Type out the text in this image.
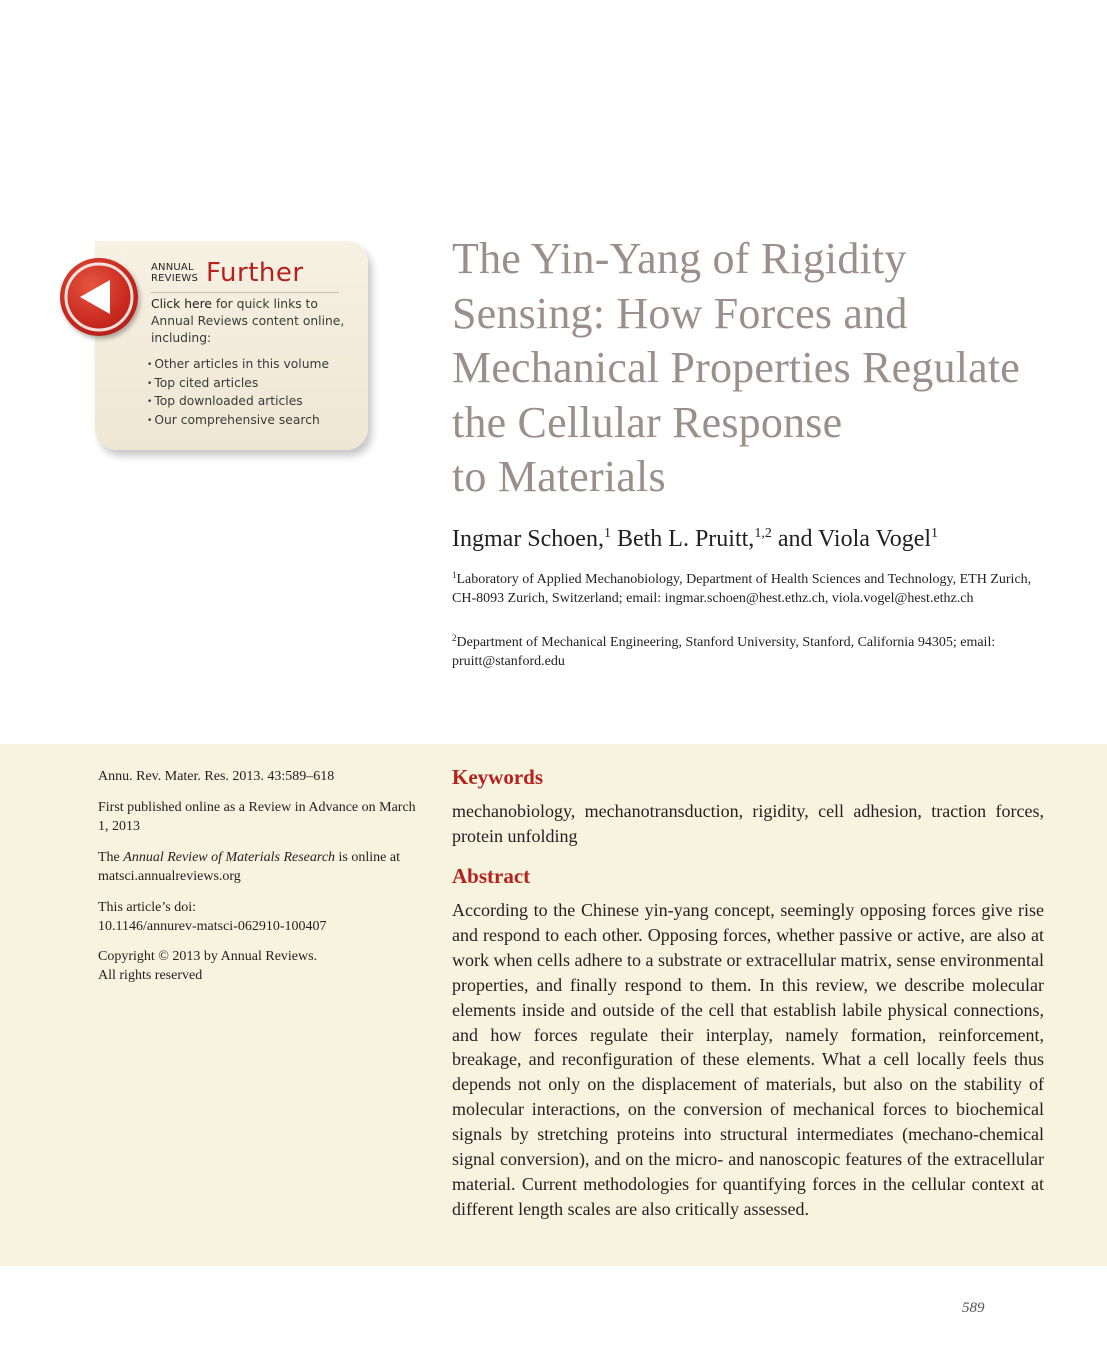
ANNUAL
REVIEWS Further
Click here for quick links to Annual Reviews content online, including:
• Other articles in this volume
• Top cited articles
• Top downloaded articles
• Our comprehensive search
The Yin-Yang of Rigidity
Sensing: How Forces and
Mechanical Properties Regulate
the Cellular Response
to Materials
Ingmar Schoen,$^1$ Beth L. Pruitt,$^{1,2}$ and Viola Vogel$^1$
$^1$Laboratory of Applied Mechanobiology, Department of Health Sciences and Technology, ETH Zurich, CH-8093 Zurich, Switzerland; email: ingmar.schoen@hest.ethz.ch, viola.vogel@hest.ethz.ch
$^2$Department of Mechanical Engineering, Stanford University, Stanford, California 94305; email: pruitt@stanford.edu
Annu. Rev. Mater. Res. 2013. 43:589–618
First published online as a Review in Advance on March 1, 2013
The Annual Review of Materials Research is online at matsci.annualreviews.org
This article’s doi:
10.1146/annurev-matsci-062910-100407
Copyright © 2013 by Annual Reviews.
All rights reserved
Keywords

mechanobiology, mechanotransduction, rigidity, cell adhesion, traction forces, protein unfolding

Abstract

According to the Chinese yin-yang concept, seemingly opposing forces give rise and respond to each other. Opposing forces, whether passive or active, are also at work when cells adhere to a substrate or extracellular matrix, sense environmental properties, and finally respond to them. In this review, we describe molecular elements inside and outside of the cell that establish labile physical connections, and how forces regulate their interplay, namely formation, reinforcement, breakage, and reconfiguration of these elements. What a cell locally feels thus depends not only on the displacement of materials, but also on the stability of molecular interactions, on the conversion of mechanical forces to biochemical signals by stretching proteins into structural intermediates (mechano-chemical signal conversion), and on the micro- and nanoscopic features of the extracellular material. Current methodologies for quantifying forces in the cellular context at different length scales are also critically assessed.

589
